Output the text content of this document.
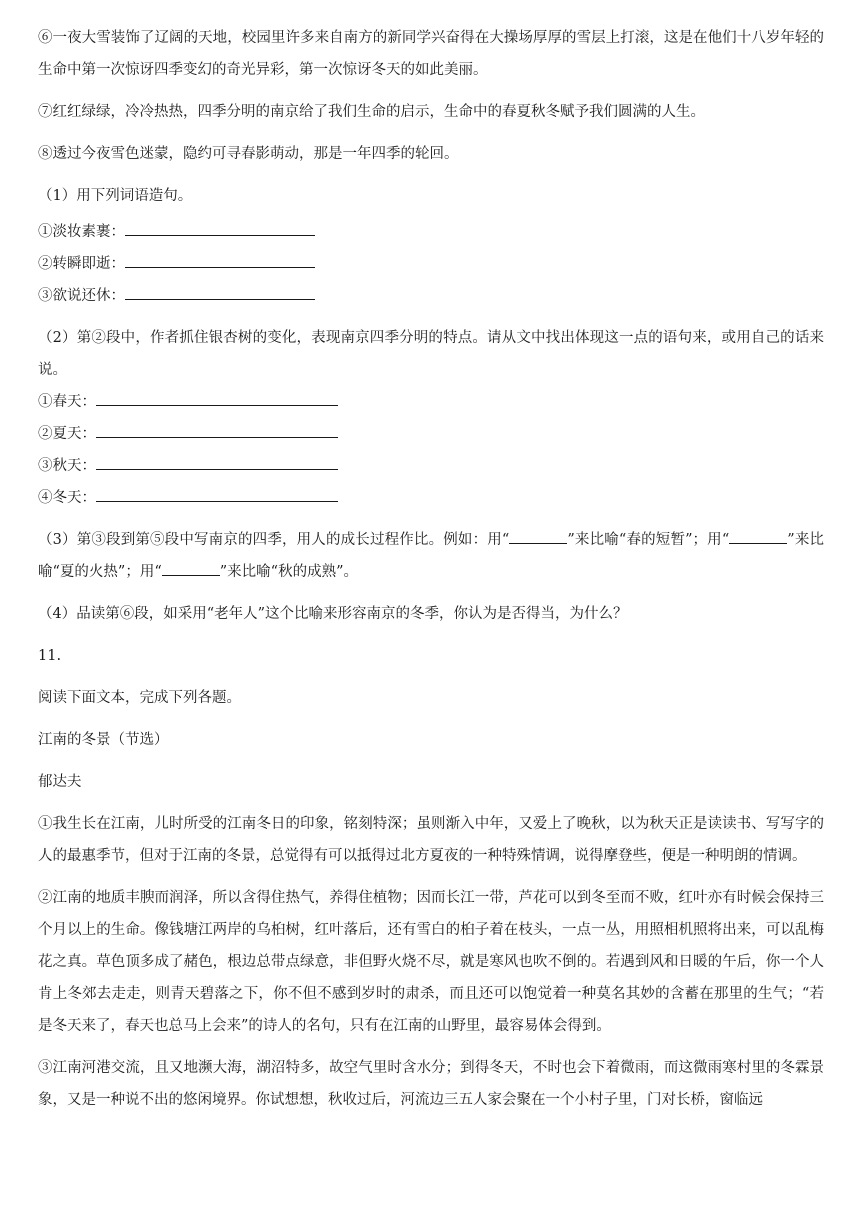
⑥一夜大雪装饰了辽阔的天地，校园里许多来自南方的新同学兴奋得在大操场厚厚的雪层上打滚，这是在他们十八岁年轻的生命中第一次惊讶四季变幻的奇光异彩，第一次惊讶冬天的如此美丽。

⑦红红绿绿，冷冷热热，四季分明的南京给了我们生命的启示，生命中的春夏秋冬赋予我们圆满的人生。

⑧透过今夜雪色迷蒙，隐约可寻春影萌动，那是一年四季的轮回。

（1）用下列词语造句。

①淡妆素裹：

②转瞬即逝：

③欲说还休：

（2）第②段中，作者抓住银杏树的变化，表现南京四季分明的特点。请从文中找出体现这一点的语句来，或用自己的话来说。

①春天：

②夏天：

③秋天：

④冬天：

（3）第③段到第⑤段中写南京的四季，用人的成长过程作比。例如：用“	”来比喻“春的短暂”；用“	”来比喻“夏的火热”；用“	”来比喻“秋的成熟”。

（4）品读第⑥段，如采用“老年人”这个比喻来形容南京的冬季，你认为是否得当，为什么？

11.

阅读下面文本，完成下列各题。

江南的冬景（节选）

郁达夫

①我生长在江南，儿时所受的江南冬日的印象，铭刻特深；虽则渐入中年，又爱上了晚秋，以为秋天正是读读书、写写字的人的最惠季节，但对于江南的冬景，总觉得有可以抵得过北方夏夜的一种特殊情调，说得摩登些，便是一种明朗的情调。

②江南的地质丰腴而润泽，所以含得住热气，养得住植物；因而长江一带，芦花可以到冬至而不败，红叶亦有时候会保持三个月以上的生命。像钱塘江两岸的乌桕树，红叶落后，还有雪白的桕子着在枝头，一点一丛，用照相机照将出来，可以乱梅花之真。草色顶多成了赭色，根边总带点绿意，非但野火烧不尽，就是寒风也吹不倒的。若遇到风和日暖的午后，你一个人肯上冬郊去走走，则青天碧落之下，你不但不感到岁时的肃杀，而且还可以饱觉着一种莫名其妙的含蓄在那里的生气；“若是冬天来了，春天也总马上会来”的诗人的名句，只有在江南的山野里，最容易体会得到。

③江南河港交流，且又地濒大海，湖沼特多，故空气里时含水分；到得冬天，不时也会下着微雨，而这微雨寒村里的冬霖景象，又是一种说不出的悠闲境界。你试想想，秋收过后，河流边三五人家会聚在一个小村子里，门对长桥，窗临远
